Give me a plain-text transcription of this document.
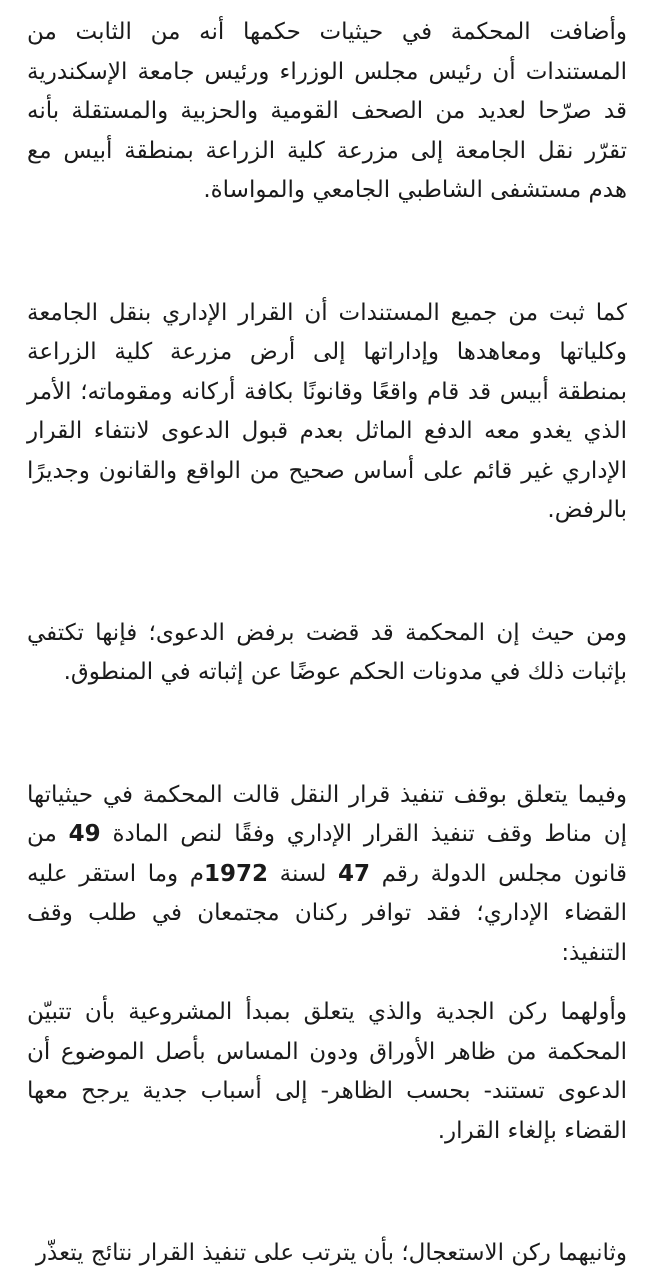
وأضافت المحكمة في حيثيات حكمها أنه من الثابت من المستندات أن رئيس مجلس الوزراء ورئيس جامعة الإسكندرية قد صرّحا لعديد من الصحف القومية والحزبية والمستقلة بأنه تقرّر نقل الجامعة إلى مزرعة كلية الزراعة بمنطقة أبيس مع هدم مستشفى الشاطبي الجامعي والمواساة.

كما ثبت من جميع المستندات أن القرار الإداري بنقل الجامعة وكلياتها ومعاهدها وإداراتها إلى أرض مزرعة كلية الزراعة بمنطقة أبيس قد قام واقعًا وقانونًا بكافة أركانه ومقوماته؛ الأمر الذي يغدو معه الدفع الماثل بعدم قبول الدعوى لانتفاء القرار الإداري غير قائم على أساس صحيح من الواقع والقانون وجديرًا بالرفض.

ومن حيث إن المحكمة قد قضت برفض الدعوى؛ فإنها تكتفي بإثبات ذلك في مدونات الحكم عوضًا عن إثباته في المنطوق.

وفيما يتعلق بوقف تنفيذ قرار النقل قالت المحكمة في حيثياتها إن مناط وقف تنفيذ القرار الإداري وفقًا لنص المادة 49 من قانون مجلس الدولة رقم 47 لسنة 1972م وما استقر عليه القضاء الإداري؛ فقد توافر ركنان مجتمعان في طلب وقف التنفيذ:

وأولهما ركن الجدية والذي يتعلق بمبدأ المشروعية بأن تتبيّن المحكمة من ظاهر الأوراق ودون المساس بأصل الموضوع أن الدعوى تستند- بحسب الظاهر- إلى أسباب جدية يرجح معها القضاء بإلغاء القرار.

وثانيهما ركن الاستعجال؛ بأن يترتب على تنفيذ القرار نتائج يتعذّر
